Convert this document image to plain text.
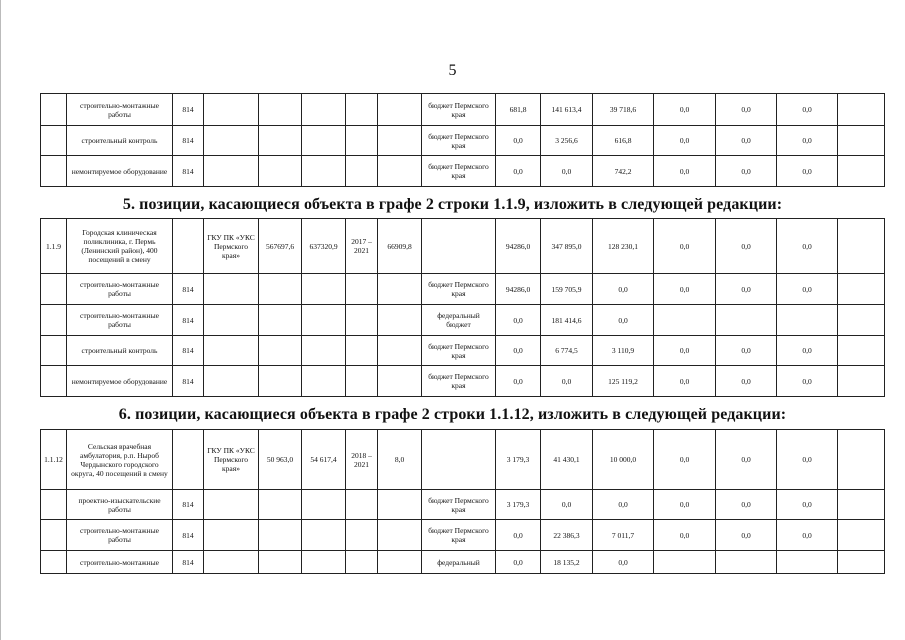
5
	строительно-монтажные работы	814						бюджет Пермского края	681,8	141 613,4	39 718,6	0,0	0,0	0,0	
	строительный контроль	814						бюджет Пермского края	0,0	3 256,6	616,8	0,0	0,0	0,0	
	немонтируемое оборудование	814						бюджет Пермского края	0,0	0,0	742,2	0,0	0,0	0,0	
5. позиции, касающиеся объекта в графе 2 строки 1.1.9, изложить в следующей редакции:
1.1.9	Городская клиническая поликлиника, г. Пермь (Ленинский район), 400 посещений в смену		ГКУ ПК «УКС Пермского края»	567697,6	637320,9	2017 – 2021	66909,8		94286,0	347 895,0	128 230,1	0,0	0,0	0,0	
	строительно-монтажные работы	814						бюджет Пермского края	94286,0	159 705,9	0,0	0,0	0,0	0,0	
	строительно-монтажные работы	814						федеральный бюджет	0,0	181 414,6	0,0				
	строительный контроль	814						бюджет Пермского края	0,0	6 774,5	3 110,9	0,0	0,0	0,0	
	немонтируемое оборудование	814						бюджет Пермского края	0,0	0,0	125 119,2	0,0	0,0	0,0	
6. позиции, касающиеся объекта в графе 2 строки 1.1.12, изложить в следующей редакции:
1.1.12	Сельская врачебная амбулатория, р.п. Ныроб Чердынского городского округа, 40 посещений в смену		ГКУ ПК «УКС Пермского края»	50 963,0	54 617,4	2018 – 2021	8,0		3 179,3	41 430,1	10 000,0	0,0	0,0	0,0	
	проектно-изыскательские работы	814						бюджет Пермского края	3 179,3	0,0	0,0	0,0	0,0	0,0	
	строительно-монтажные работы	814						бюджет Пермского края	0,0	22 386,3	7 011,7	0,0	0,0	0,0	
	строительно-монтажные	814						федеральный	0,0	18 135,2	0,0				
